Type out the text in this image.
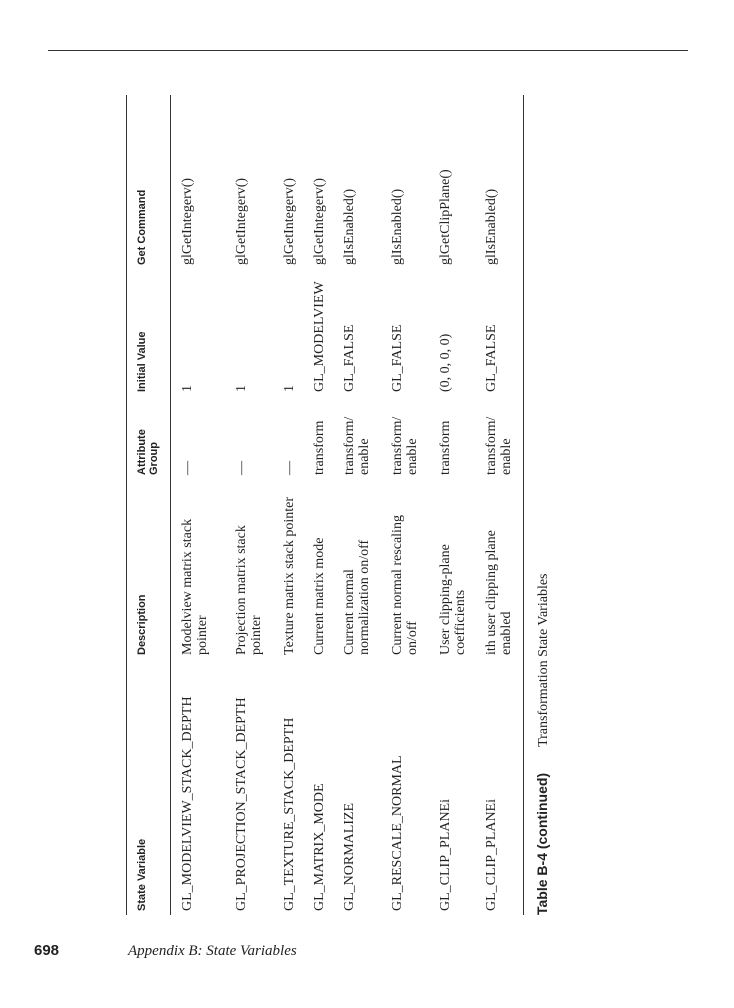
State Variable
Description
Attribute
Group
Initial Value
Get Command
GL_MODELVIEW_STACK_DEPTH
Modelview matrix stack
pointer
—
1
glGetIntegerv()
GL_PROJECTION_STACK_DEPTH
Projection matrix stack
pointer
—
1
glGetIntegerv()
GL_TEXTURE_STACK_DEPTH
Texture matrix stack pointer
—
1
glGetIntegerv()
GL_MATRIX_MODE
Current matrix mode
transform
GL_MODELVIEW
glGetIntegerv()
GL_NORMALIZE
Current normal
normalization on/off
transform/
enable
GL_FALSE
glIsEnabled()
GL_RESCALE_NORMAL
Current normal rescaling
on/off
transform/
enable
GL_FALSE
glIsEnabled()
GL_CLIP_PLANEi
User clipping-plane
coefficients
transform
(0, 0, 0, 0)
glGetClipPlane()
GL_CLIP_PLANEi
ith user clipping plane
enabled
transform/
enable
GL_FALSE
glIsEnabled()
Table B-4 (continued) Transformation State Variables
698	Appendix B: State Variables
